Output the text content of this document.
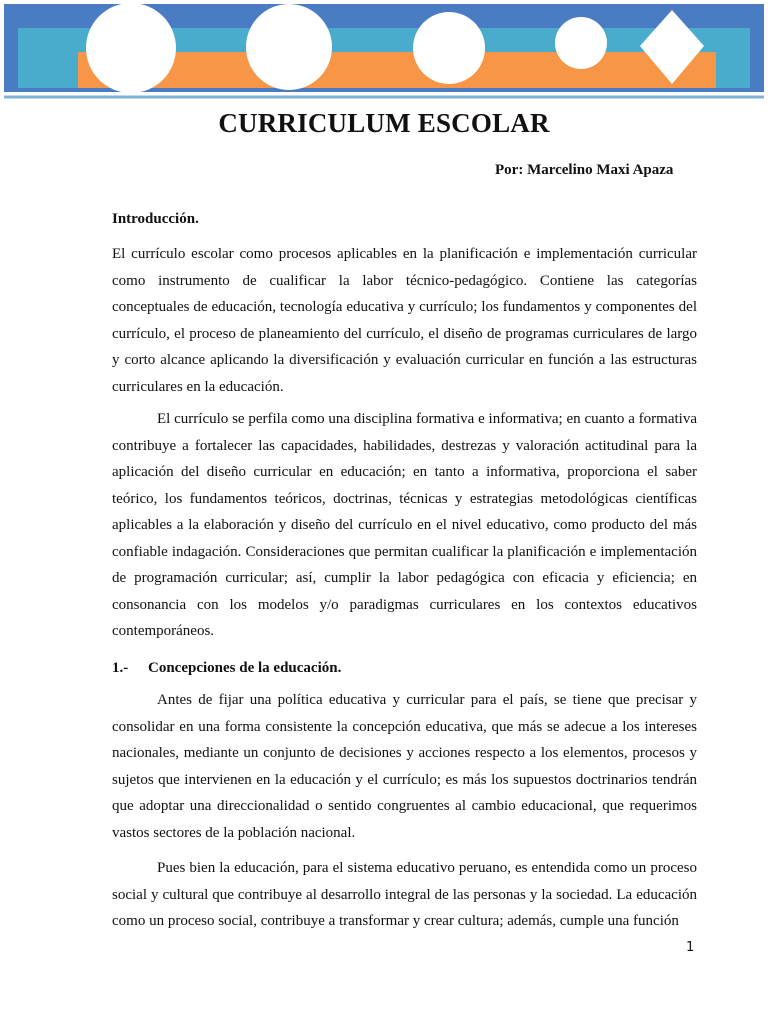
CURRICULUM ESCOLAR
Por: Marcelino Maxi Apaza
Introducción.

El currículo escolar como procesos aplicables en la planificación e implementación curricular como instrumento de cualificar la labor técnico-pedagógico. Contiene las categorías conceptuales de educación, tecnología educativa y currículo; los fundamentos y componentes del currículo, el proceso de planeamiento del currículo, el diseño de programas curriculares de largo y corto alcance aplicando la diversificación y evaluación curricular en función a las estructuras curriculares en la educación.

El currículo se perfila como una disciplina formativa e informativa; en cuanto a formativa contribuye a fortalecer las capacidades, habilidades, destrezas y valoración actitudinal para la aplicación del diseño curricular en educación; en tanto a informativa, proporciona el saber teórico, los fundamentos teóricos, doctrinas, técnicas y estrategias metodológicas científicas aplicables a la elaboración y diseño del currículo en el nivel educativo, como producto del más confiable indagación. Consideraciones que permitan cualificar la planificación e implementación de programación curricular; así, cumplir la labor pedagógica con eficacia y eficiencia; en consonancia con los modelos y/o paradigmas curriculares en los contextos educativos contemporáneos.

1.- Concepciones de la educación.

Antes de fijar una política educativa y curricular para el país, se tiene que precisar y consolidar en una forma consistente la concepción educativa, que más se adecue a los intereses nacionales, mediante un conjunto de decisiones y acciones respecto a los elementos, procesos y sujetos que intervienen en la educación y el currículo; es más los supuestos doctrinarios tendrán que adoptar una direccionalidad o sentido congruentes al cambio educacional, que requerimos vastos sectores de la población nacional.

Pues bien la educación, para el sistema educativo peruano, es entendida como un proceso social y cultural que contribuye al desarrollo integral de las personas y la sociedad. La educación como un proceso social, contribuye a transformar y crear cultura; además, cumple una función

1
